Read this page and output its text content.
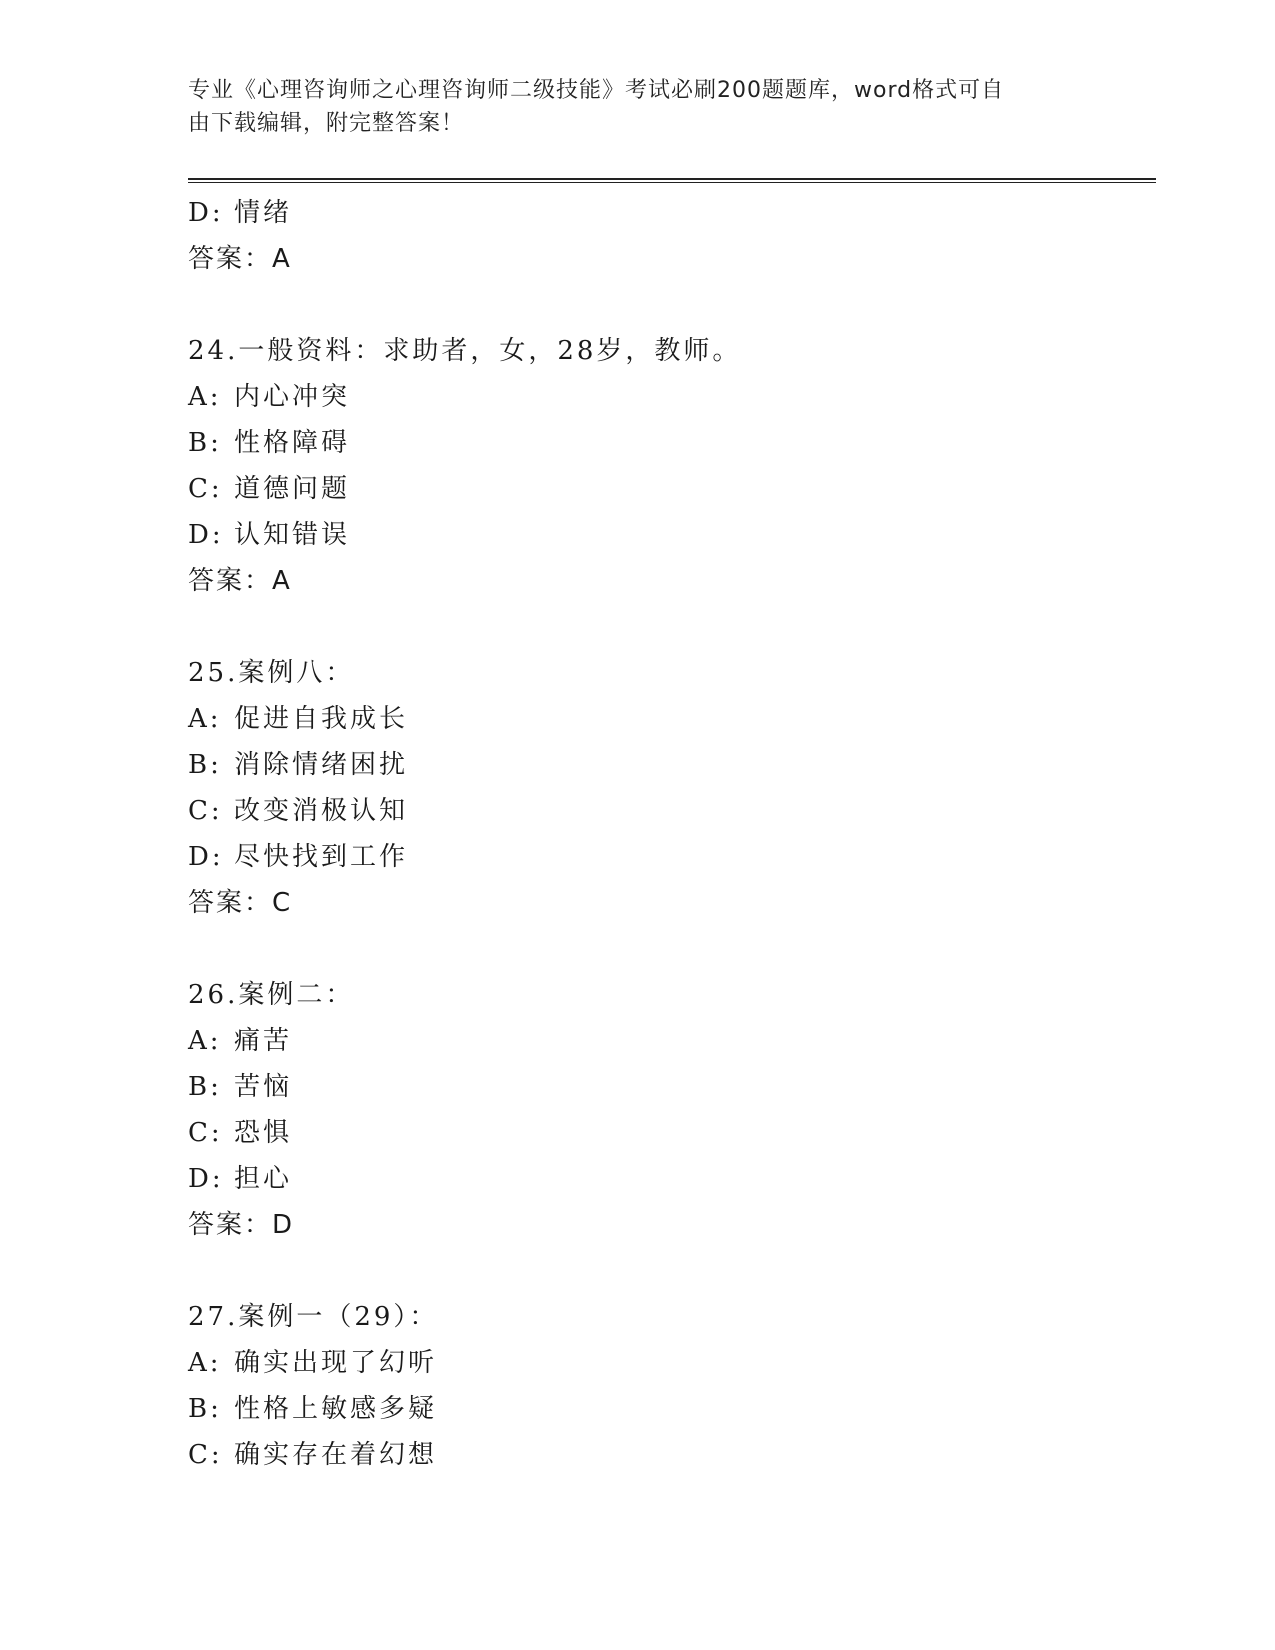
专业《心理咨询师之心理咨询师二级技能》考试必刷200题题库，word格式可自
由下载编辑，附完整答案！
D: 情绪
答案：A
24.一般资料：求助者，女，28岁，教师。
A: 内心冲突
B: 性格障碍
C: 道德问题
D: 认知错误
答案：A
25.案例八：
A: 促进自我成长
B: 消除情绪困扰
C: 改变消极认知
D: 尽快找到工作
答案：C
26.案例二：
A: 痛苦
B: 苦恼
C: 恐惧
D: 担心
答案：D
27.案例一（29）：
A: 确实出现了幻听
B: 性格上敏感多疑
C: 确实存在着幻想
